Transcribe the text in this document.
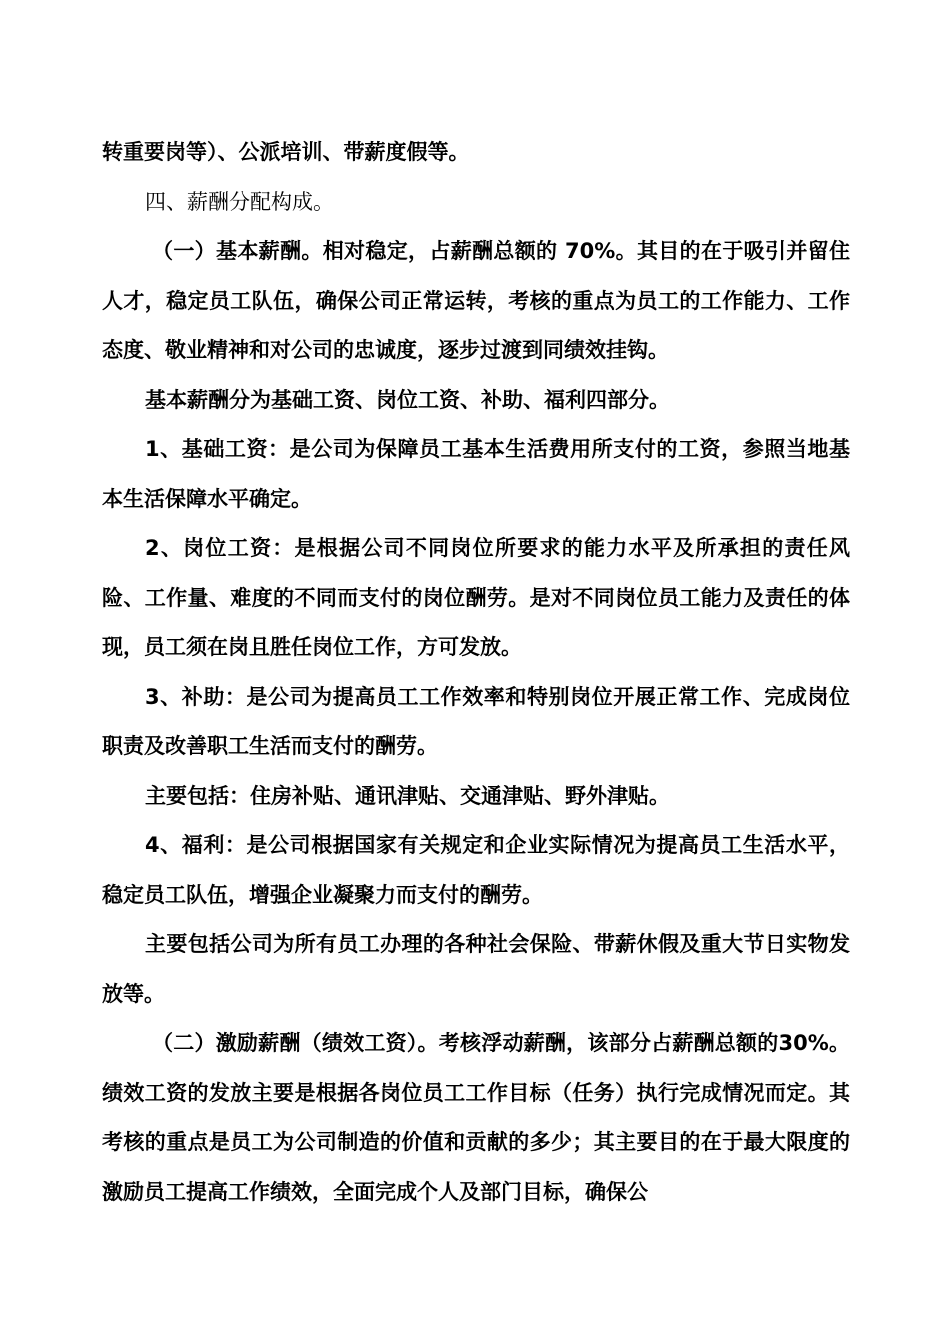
转重要岗等）、公派培训、带薪度假等。

四、薪酬分配构成。

（一）基本薪酬。相对稳定，占薪酬总额的 70%。其目的在于吸引并留住人才，稳定员工队伍，确保公司正常运转，考核的重点为员工的工作能力、工作态度、敬业精神和对公司的忠诚度，逐步过渡到同绩效挂钩。

基本薪酬分为基础工资、岗位工资、补助、福利四部分。

1、基础工资：是公司为保障员工基本生活费用所支付的工资，参照当地基本生活保障水平确定。

2、岗位工资：是根据公司不同岗位所要求的能力水平及所承担的责任风险、工作量、难度的不同而支付的岗位酬劳。是对不同岗位员工能力及责任的体现，员工须在岗且胜任岗位工作，方可发放。

3、补助：是公司为提高员工工作效率和特别岗位开展正常工作、完成岗位职责及改善职工生活而支付的酬劳。

主要包括：住房补贴、通讯津贴、交通津贴、野外津贴。

4、福利：是公司根据国家有关规定和企业实际情况为提高员工生活水平，稳定员工队伍，增强企业凝聚力而支付的酬劳。

主要包括公司为所有员工办理的各种社会保险、带薪休假及重大节日实物发放等。

（二）激励薪酬（绩效工资）。考核浮动薪酬，该部分占薪酬总额的30%。绩效工资的发放主要是根据各岗位员工工作目标（任务）执行完成情况而定。其考核的重点是员工为公司制造的价值和贡献的多少；其主要目的在于最大限度的激励员工提高工作绩效，全面完成个人及部门目标，确保公
